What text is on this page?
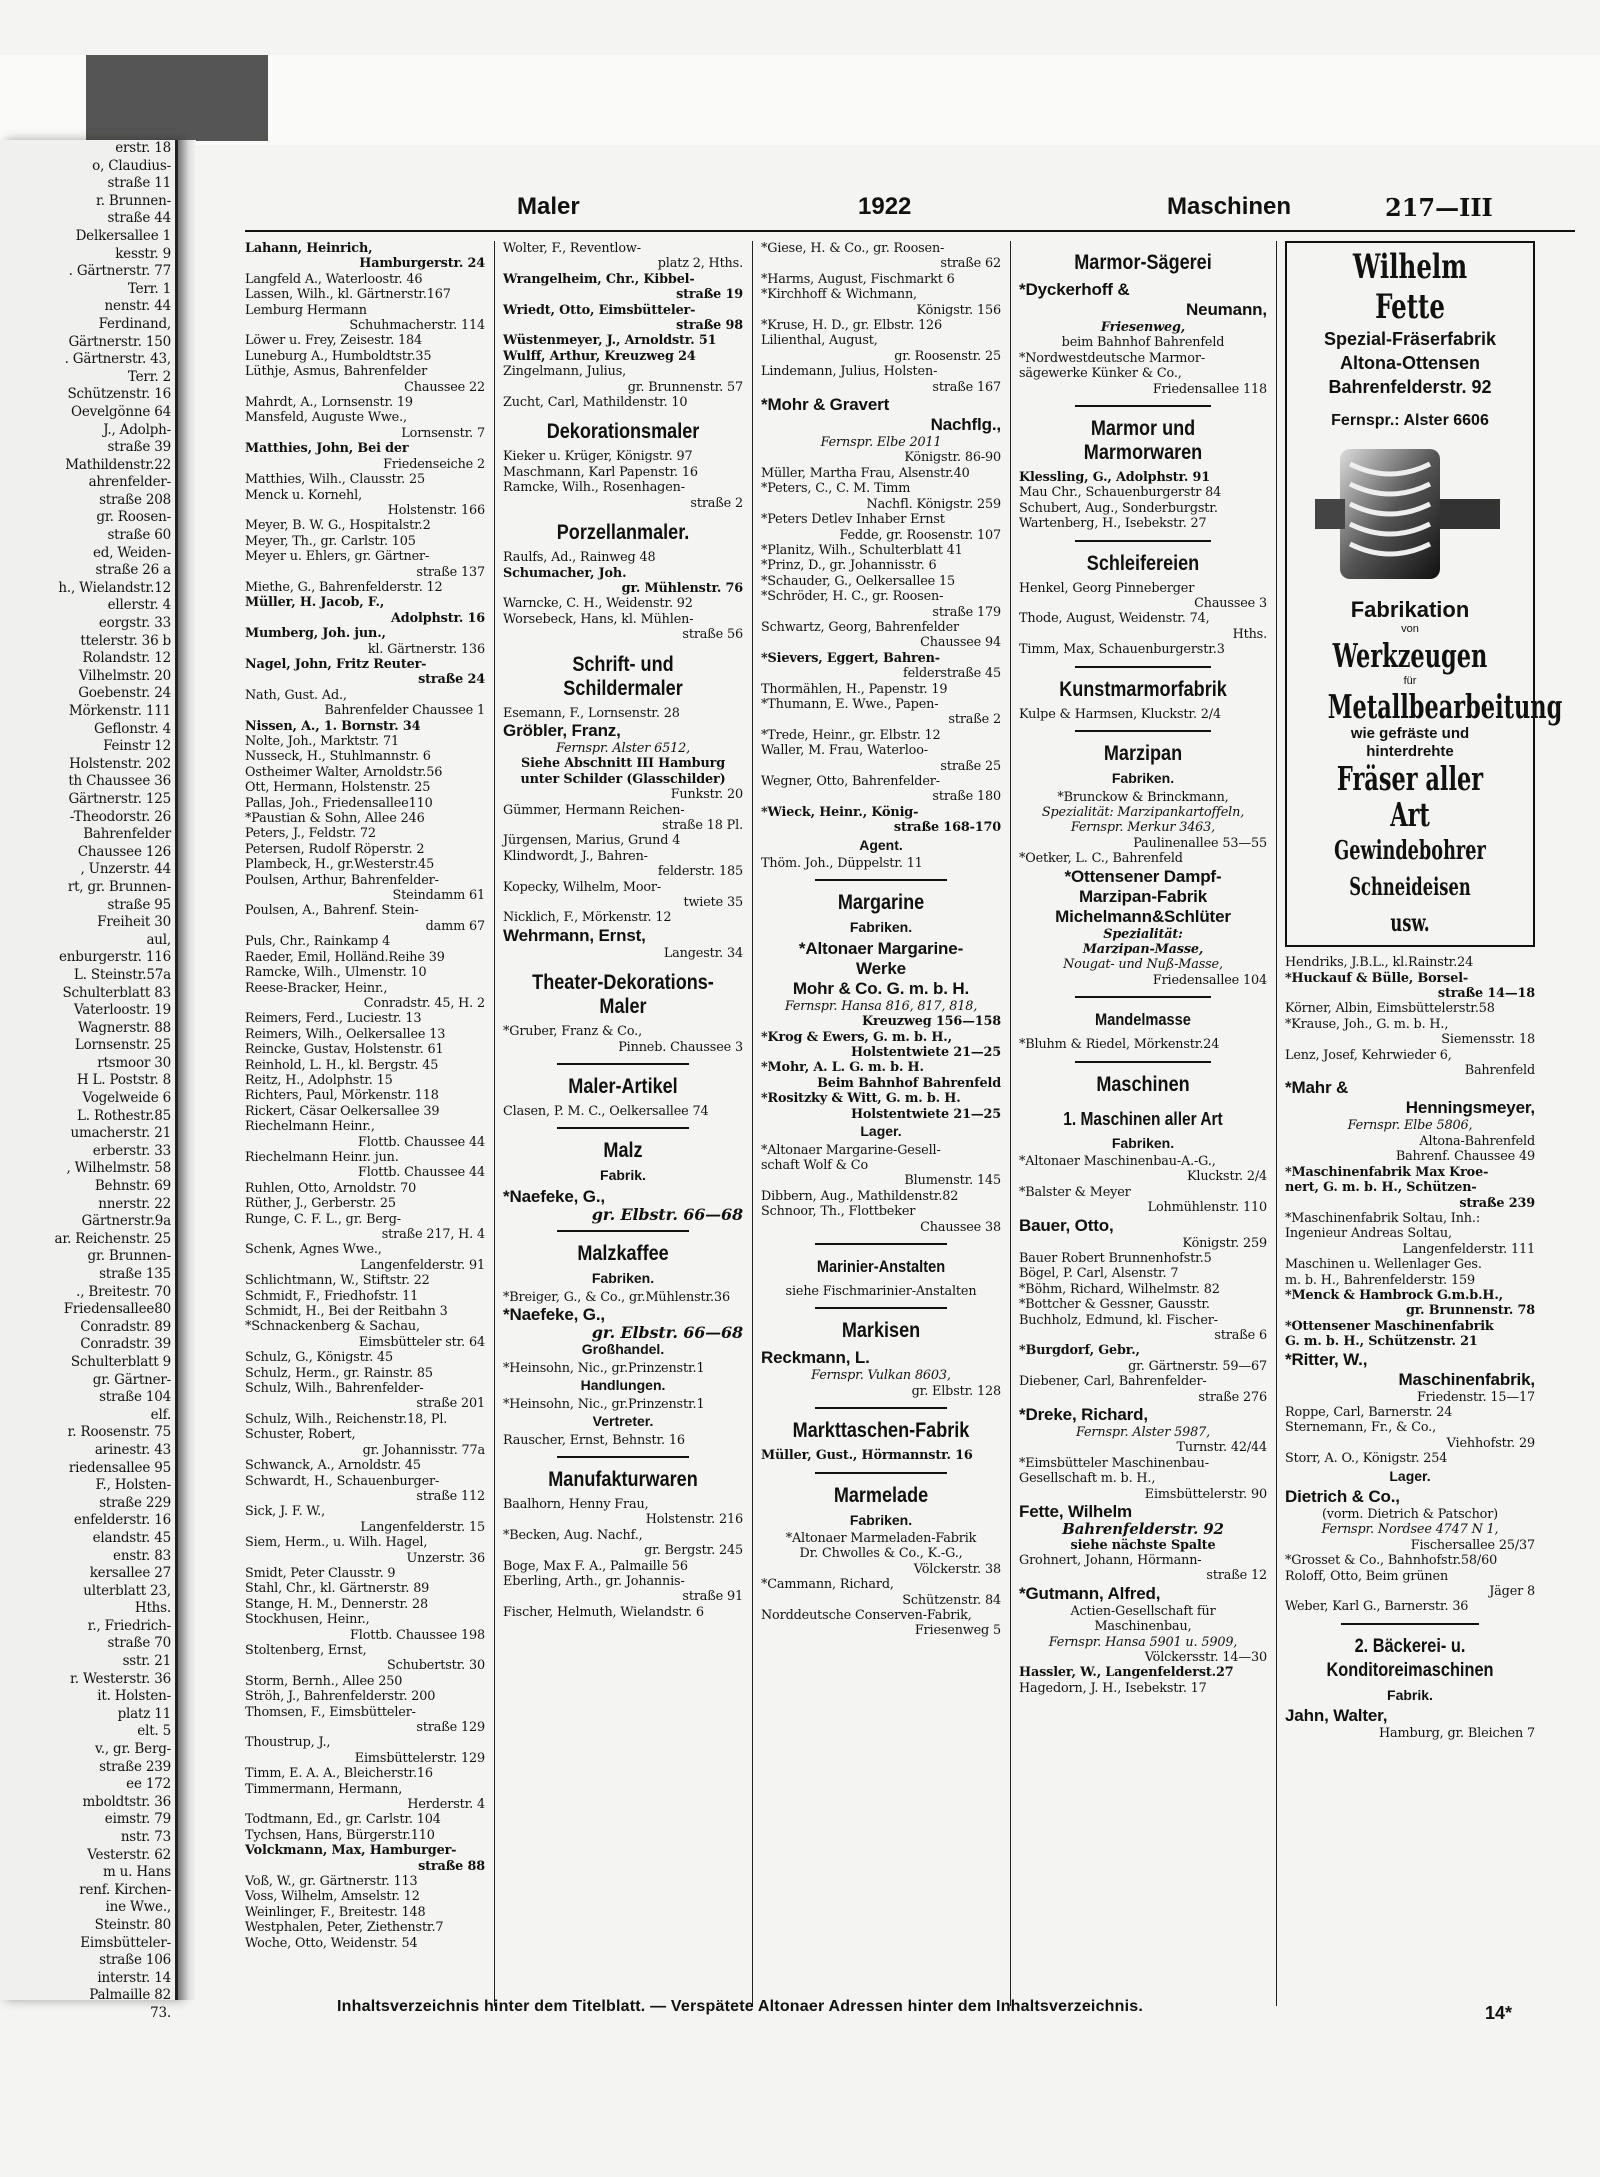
erstr. 18
o, Claudius-
straße 11
r. Brunnen-
straße 44
Delkersallee 1
kesstr. 9
. Gärtnerstr. 77
Terr. 1
nenstr. 44
Ferdinand,
Gärtnerstr. 150
. Gärtnerstr. 43,
Terr. 2
Schützenstr. 16
Oevelgönne 64
J., Adolph-
straße 39
Mathildenstr.22
ahrenfelder-
straße 208
gr. Roosen-
straße 60
ed, Weiden-
straße 26 a
h., Wielandstr.12
ellerstr. 4
eorgstr. 33
ttelerstr. 36 b
Rolandstr. 12
Vilhelmstr. 20
Goebenstr. 24
Mörkenstr. 111
Geflonstr. 4
Feinstr 12
Holstenstr. 202
th Chaussee 36
Gärtnerstr. 125
-Theodorstr. 26
Bahrenfelder
Chaussee 126
, Unzerstr. 44
rt, gr. Brunnen-
straße 95
Freiheit 30
aul,
enburgerstr. 116
L. Steinstr.57a
Schulterblatt 83
Vaterloostr. 19
Wagnerstr. 88
Lornsenstr. 25
rtsmoor 30
H L. Poststr. 8
Vogelweide 6
L. Rothestr.85
umacherstr. 21
erberstr. 33
, Wilhelmstr. 58
Behnstr. 69
nnerstr. 22
Gärtnerstr.9a
ar. Reichenstr. 25
gr. Brunnen-
straße 135
., Breitestr. 70
Friedensallee80
Conradstr. 89
Conradstr. 39
Schulterblatt 9
gr. Gärtner-
straße 104
elf.
r. Roosenstr. 75
arinestr. 43
riedensallee 95
F., Holsten-
straße 229
enfelderstr. 16
elandstr. 45
enstr. 83
kersallee 27
ulterblatt 23,
Hths.
r., Friedrich-
straße 70
sstr. 21
r. Westerstr. 36
it. Holsten-
platz 11
elt. 5
v., gr. Berg-
straße 239
ee 172
mboldtstr. 36
eimstr. 79
nstr. 73
Vesterstr. 62
m u. Hans
renf. Kirchen-
ine Wwe.,
Steinstr. 80
Eimsbütteler-
straße 106
interstr. 14
Palmaille 82
73.
Maler	1922	Maschinen	217—III
Lahann, Heinrich,
Hamburgerstr. 24
Langfeld A., Waterloostr. 46
Lassen, Wilh., kl. Gärtnerstr.167
Lemburg Hermann
Schuhmacherstr. 114
Löwer u. Frey, Zeisestr. 184
Luneburg A., Humboldtstr.35
Lüthje, Asmus, Bahrenfelder
Chaussee 22
Mahrdt, A., Lornsenstr. 19
Mansfeld, Auguste Wwe.,
Lornsenstr. 7
Matthies, John, Bei der
Friedenseiche 2
Matthies, Wilh., Clausstr. 25
Menck u. Kornehl,
Holstenstr. 166
Meyer, B. W. G., Hospitalstr.2
Meyer, Th., gr. Carlstr. 105
Meyer u. Ehlers, gr. Gärtner-
straße 137
Miethe, G., Bahrenfelderstr. 12
Müller, H. Jacob, F.,
Adolphstr. 16
Mumberg, Joh. jun.,
kl. Gärtnerstr. 136
Nagel, John, Fritz Reuter-
straße 24
Nath, Gust. Ad.,
Bahrenfelder Chaussee 1
Nissen, A., 1. Bornstr. 34
Nolte, Joh., Marktstr. 71
Nusseck, H., Stuhlmannstr. 6
Ostheimer Walter, Arnoldstr.56
Ott, Hermann, Holstenstr. 25
Pallas, Joh., Friedensallee110
*Paustian & Sohn, Allee 246
Peters, J., Feldstr. 72
Petersen, Rudolf Röperstr. 2
Plambeck, H., gr.Westerstr.45
Poulsen, Arthur, Bahrenfelder-
Steindamm 61
Poulsen, A., Bahrenf. Stein-
damm 67
Puls, Chr., Rainkamp 4
Raeder, Emil, Holländ.Reihe 39
Ramcke, Wilh., Ulmenstr. 10
Reese-Bracker, Heinr.,
Conradstr. 45, H. 2
Reimers, Ferd., Luciestr. 13
Reimers, Wilh., Oelkersallee 13
Reincke, Gustav, Holstenstr. 61
Reinhold, L. H., kl. Bergstr. 45
Reitz, H., Adolphstr. 15
Richters, Paul, Mörkenstr. 118
Rickert, Cäsar Oelkersallee 39
Riechelmann Heinr.,
Flottb. Chaussee 44
Riechelmann Heinr. jun.
Flottb. Chaussee 44
Ruhlen, Otto, Arnoldstr. 70
Rüther, J., Gerberstr. 25
Runge, C. F. L., gr. Berg-
straße 217, H. 4
Schenk, Agnes Wwe.,
Langenfelderstr. 91
Schlichtmann, W., Stiftstr. 22
Schmidt, F., Friedhofstr. 11
Schmidt, H., Bei der Reitbahn 3
*Schnackenberg & Sachau,
Eimsbütteler str. 64
Schulz, G., Königstr. 45
Schulz, Herm., gr. Rainstr. 85
Schulz, Wilh., Bahrenfelder-
straße 201
Schulz, Wilh., Reichenstr.18, Pl.
Schuster, Robert,
gr. Johannisstr. 77a
Schwanck, A., Arnoldstr. 45
Schwardt, H., Schauenburger-
straße 112
Sick, J. F. W.,
Langenfelderstr. 15
Siem, Herm., u. Wilh. Hagel,
Unzerstr. 36
Smidt, Peter Clausstr. 9
Stahl, Chr., kl. Gärtnerstr. 89
Stange, H. M., Dennerstr. 28
Stockhusen, Heinr.,
Flottb. Chaussee 198
Stoltenberg, Ernst,
Schubertstr. 30
Storm, Bernh., Allee 250
Ströh, J., Bahrenfelderstr. 200
Thomsen, F., Eimsbütteler-
straße 129
Thoustrup, J.,
Eimsbüttelerstr. 129
Timm, E. A. A., Bleicherstr.16
Timmermann, Hermann,
Herderstr. 4
Todtmann, Ed., gr. Carlstr. 104
Tychsen, Hans, Bürgerstr.110
Volckmann, Max, Hamburger-
straße 88
Voß, W., gr. Gärtnerstr. 113
Voss, Wilhelm, Amselstr. 12
Weinlinger, F., Breitestr. 148
Westphalen, Peter, Ziethenstr.7
Woche, Otto, Weidenstr. 54
Wolter, F., Reventlow-
platz 2, Hths.
Wrangelheim, Chr., Kibbel-
straße 19
Wriedt, Otto, Eimsbütteler-
straße 98
Wüstenmeyer, J., Arnoldstr. 51
Wulff, Arthur, Kreuzweg 24
Zingelmann, Julius,
gr. Brunnenstr. 57
Zucht, Carl, Mathildenstr. 10
Dekorationsmaler
Kieker u. Krüger, Königstr. 97
Maschmann, Karl Papenstr. 16
Ramcke, Wilh., Rosenhagen-
straße 2
Porzellanmaler.
Raulfs, Ad., Rainweg 48
Schumacher, Joh.
gr. Mühlenstr. 76
Warncke, C. H., Weidenstr. 92
Worsebeck, Hans, kl. Mühlen-
straße 56
Schrift- und Schildermaler
Esemann, F., Lornsenstr. 28
Gröbler, Franz,
Fernspr. Alster 6512,
Siehe Abschnitt III Hamburg
unter Schilder (Glasschilder)
Funkstr. 20
Gümmer, Hermann Reichen-
straße 18 Pl.
Jürgensen, Marius, Grund 4
Klindwordt, J., Bahren-
felderstr. 185
Kopecky, Wilhelm, Moor-
twiete 35
Nicklich, F., Mörkenstr. 12
Wehrmann, Ernst,
Langestr. 34
Theater-Dekorations-Maler
*Gruber, Franz & Co.,
Pinneb. Chaussee 3
Maler-Artikel
Clasen, P. M. C., Oelkersallee 74
Malz
Fabrik.
*Naefeke, G.,
gr. Elbstr. 66—68
Malzkaffee
Fabriken.
*Breiger, G., & Co., gr.Mühlenstr.36
*Naefeke, G.,
gr. Elbstr. 66—68
Großhandel.
*Heinsohn, Nic., gr.Prinzenstr.1
Handlungen.
*Heinsohn, Nic., gr.Prinzenstr.1
Vertreter.
Rauscher, Ernst, Behnstr. 16
Manufakturwaren
Baalhorn, Henny Frau,
Holstenstr. 216
*Becken, Aug. Nachf.,
gr. Bergstr. 245
Boge, Max F. A., Palmaille 56
Eberling, Arth., gr. Johannis-
straße 91
Fischer, Helmuth, Wielandstr. 6
*Giese, H. & Co., gr. Roosen-
straße 62
*Harms, August, Fischmarkt 6
*Kirchhoff & Wichmann,
Königstr. 156
*Kruse, H. D., gr. Elbstr. 126
Lilienthal, August,
gr. Roosenstr. 25
Lindemann, Julius, Holsten-
straße 167
*Mohr & Gravert
Nachflg.,
Fernspr. Elbe 2011
Königstr. 86-90
Müller, Martha Frau, Alsenstr.40
*Peters, C., C. M. Timm
Nachfl. Königstr. 259
*Peters Detlev Inhaber Ernst
Fedde, gr. Roosenstr. 107
*Planitz, Wilh., Schulterblatt 41
*Prinz, D., gr. Johannisstr. 6
*Schauder, G., Oelkersallee 15
*Schröder, H. C., gr. Roosen-
straße 179
Schwartz, Georg, Bahrenfelder
Chaussee 94
*Sievers, Eggert, Bahren-
felderstraße 45
Thormählen, H., Papenstr. 19
*Thumann, E. Wwe., Papen-
straße 2
*Trede, Heinr., gr. Elbstr. 12
Waller, M. Frau, Waterloo-
straße 25
Wegner, Otto, Bahrenfelder-
straße 180
*Wieck, Heinr., König-
straße 168-170
Agent.
Thöm. Joh., Düppelstr. 11
Margarine
Fabriken.
*Altonaer Margarine-
Werke
Mohr & Co. G. m. b. H.
Fernspr. Hansa 816, 817, 818,
Kreuzweg 156—158
*Krog & Ewers, G. m. b. H.,
Holstentwiete 21—25
*Mohr, A. L. G. m. b. H.
Beim Bahnhof Bahrenfeld
*Rositzky & Witt, G. m. b. H.
Holstentwiete 21—25
Lager.
*Altonaer Margarine-Gesell-
schaft Wolf & Co
Blumenstr. 145
Dibbern, Aug., Mathildenstr.82
Schnoor, Th., Flottbeker
Chaussee 38
Marinier-Anstalten
siehe Fischmarinier-Anstalten
Markisen
Reckmann, L.
Fernspr. Vulkan 8603,
gr. Elbstr. 128
Markttaschen-Fabrik
Müller, Gust., Hörmannstr. 16
Marmelade
Fabriken.
*Altonaer Marmeladen-Fabrik
Dr. Chwolles & Co., K.-G.,
Völckerstr. 38
*Cammann, Richard,
Schützenstr. 84
Norddeutsche Conserven-Fabrik,
Friesenweg 5
Marmor-Sägerei
*Dyckerhoff &
Neumann,
Friesenweg,
beim Bahnhof Bahrenfeld
*Nordwestdeutsche Marmor-
sägewerke Künker & Co.,
Friedensallee 118
Marmor und Marmorwaren
Klessling, G., Adolphstr. 91
Mau Chr., Schauenburgerstr 84
Schubert, Aug., Sonderburgstr.
Wartenberg, H., Isebekstr. 27
Schleifereien
Henkel, Georg Pinneberger
Chaussee 3
Thode, August, Weidenstr. 74,
Hths.
Timm, Max, Schauenburgerstr.3
Kunstmarmorfabrik
Kulpe & Harmsen, Kluckstr. 2/4
Marzipan
Fabriken.
*Brunckow & Brinckmann,
Spezialität: Marzipankartoffeln,
Fernspr. Merkur 3463,
Paulinenallee 53—55
*Oetker, L. C., Bahrenfeld
*Ottensener Dampf-
Marzipan-Fabrik
Michelmann&Schlüter
Spezialität:
Marzipan-Masse,
Nougat- und Nuß-Masse,
Friedensallee 104
Mandelmasse
*Bluhm & Riedel, Mörkenstr.24
Maschinen
1. Maschinen aller Art
Fabriken.
*Altonaer Maschinenbau-A.-G.,
Kluckstr. 2/4
*Balster & Meyer
Lohmühlenstr. 110
Bauer, Otto,
Königstr. 259
Bauer Robert Brunnenhofstr.5
Bögel, P. Carl, Alsenstr. 7
*Böhm, Richard, Wilhelmstr. 82
*Bottcher & Gessner, Gausstr.
Buchholz, Edmund, kl. Fischer-
straße 6
*Burgdorf, Gebr.,
gr. Gärtnerstr. 59—67
Diebener, Carl, Bahrenfelder-
straße 276
*Dreke, Richard,
Fernspr. Alster 5987,
Turnstr. 42/44
*Eimsbütteler Maschinenbau-
Gesellschaft m. b. H.,
Eimsbüttelerstr. 90
Fette, Wilhelm
Bahrenfelderstr. 92
siehe nächste Spalte
Grohnert, Johann, Hörmann-
straße 12
*Gutmann, Alfred,
Actien-Gesellschaft für
Maschinenbau,
Fernspr. Hansa 5901 u. 5909,
Völckersstr. 14—30
Hassler, W., Langenfelderst.27
Hagedorn, J. H., Isebekstr. 17
Wilhelm Fette
Spezial-Fräserfabrik
Altona-Ottensen
Bahrenfelderstr. 92
Fernspr.: Alster 6606
Fabrikation
von
Werkzeugen
für
Metallbearbeitung
wie gefräste und
hinterdrehte
Fräser aller Art
Gewindebohrer
Schneideisen usw.
Hendriks, J.B.L., kl.Rainstr.24
*Huckauf & Bülle, Borsel-
straße 14—18
Körner, Albin, Eimsbüttelerstr.58
*Krause, Joh., G. m. b. H.,
Siemensstr. 18
Lenz, Josef, Kehrwieder 6,
Bahrenfeld
*Mahr &
Henningsmeyer,
Fernspr. Elbe 5806,
Altona-Bahrenfeld
Bahrenf. Chaussee 49
*Maschinenfabrik Max Kroe-
nert, G. m. b. H., Schützen-
straße 239
*Maschinenfabrik Soltau, Inh.:
Ingenieur Andreas Soltau,
Langenfelderstr. 111
Maschinen u. Wellenlager Ges.
m. b. H., Bahrenfelderstr. 159
*Menck & Hambrock G.m.b.H.,
gr. Brunnenstr. 78
*Ottensener Maschinenfabrik
G. m. b. H., Schützenstr. 21
*Ritter, W.,
Maschinenfabrik,
Friedenstr. 15—17
Roppe, Carl, Barnerstr. 24
Sternemann, Fr., & Co.,
Viehhofstr. 29
Storr, A. O., Königstr. 254
Lager.
Dietrich & Co.,
(vorm. Dietrich & Patschor)
Fernspr. Nordsee 4747 N 1,
Fischersallee 25/37
*Grosset & Co., Bahnhofstr.58/60
Roloff, Otto, Beim grünen
Jäger 8
Weber, Karl G., Barnerstr. 36
2. Bäckerei- u. Konditoreimaschinen
Fabrik.
Jahn, Walter,
Hamburg, gr. Bleichen 7
Inhaltsverzeichnis hinter dem Titelblatt. — Verspätete Altonaer Adressen hinter dem Inhaltsverzeichnis.	14*
